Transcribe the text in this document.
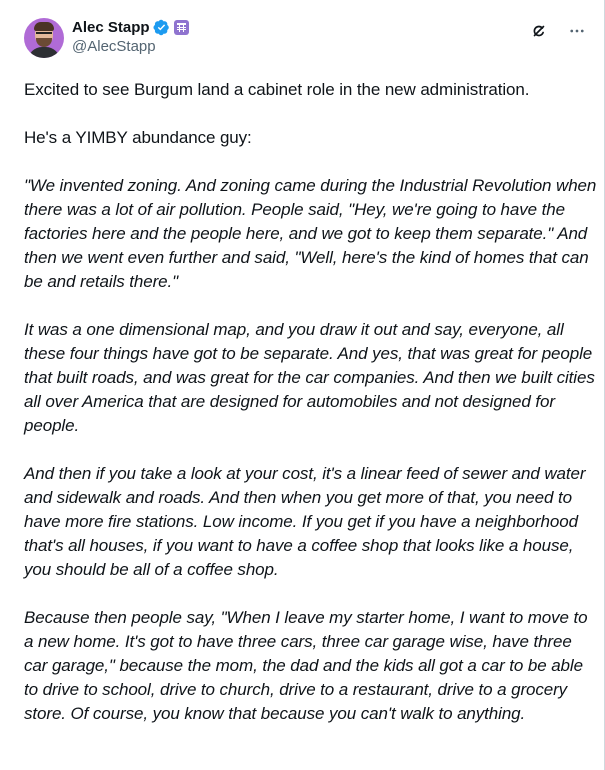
Alec Stapp
@AlecStapp

Excited to see Burgum land a cabinet role in the new administration.

He's a YIMBY abundance guy:

"We invented zoning. And zoning came during the Industrial Revolution when there was a lot of air pollution. People said, "Hey, we're going to have the factories here and the people here, and we got to keep them separate." And then we went even further and said, "Well, here's the kind of homes that can be and retails there."

It was a one dimensional map, and you draw it out and say, everyone, all these four things have got to be separate. And yes, that was great for people that built roads, and was great for the car companies. And then we built cities all over America that are designed for automobiles and not designed for people.

And then if you take a look at your cost, it's a linear feed of sewer and water and sidewalk and roads. And then when you get more of that, you need to have more fire stations. Low income. If you get if you have a neighborhood that's all houses, if you want to have a coffee shop that looks like a house, you should be all of a coffee shop.

Because then people say, "When I leave my starter home, I want to move to a new home. It's got to have three cars, three car garage wise, have three car garage," because the mom, the dad and the kids all got a car to be able to drive to school, drive to church, drive to a restaurant, drive to a grocery store. Of course, you know that because you can't walk to anything.
